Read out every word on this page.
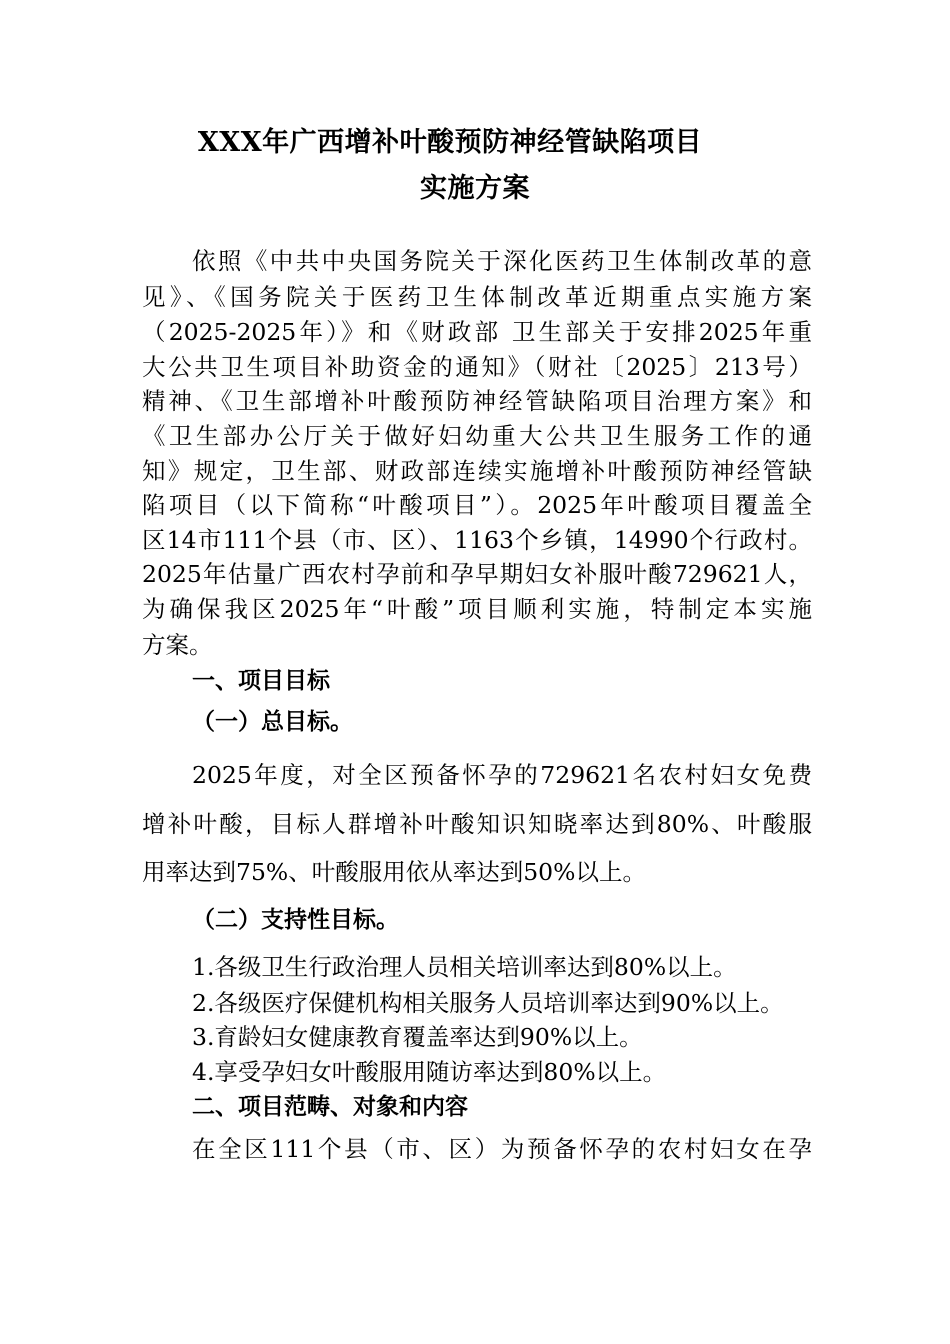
XXX年广西增补叶酸预防神经管缺陷项目
实施方案
依照《中共中央国务院关于深化医药卫生体制改革的意
见》、《国务院关于医药卫生体制改革近期重点实施方案
（2025-2025年）》和《财政部 卫生部关于安排2025年重
大公共卫生项目补助资金的通知》（财社〔2025〕213号）
精神、《卫生部增补叶酸预防神经管缺陷项目治理方案》和
《卫生部办公厅关于做好妇幼重大公共卫生服务工作的通
知》规定，卫生部、财政部连续实施增补叶酸预防神经管缺
陷项目（以下简称“叶酸项目”）。2025年叶酸项目覆盖全
区14市111个县（市、区）、1163个乡镇，14990个行政村。
2025年估量广西农村孕前和孕早期妇女补服叶酸729621人，
为确保我区2025年“叶酸”项目顺利实施，特制定本实施
方案。
一、项目目标
（一）总目标。
2025年度，对全区预备怀孕的729621名农村妇女免费
增补叶酸，目标人群增补叶酸知识知晓率达到80%、叶酸服
用率达到75%、叶酸服用依从率达到50%以上。
（二）支持性目标。
1.各级卫生行政治理人员相关培训率达到80%以上。
2.各级医疗保健机构相关服务人员培训率达到90%以上。
3.育龄妇女健康教育覆盖率达到90%以上。
4.享受孕妇女叶酸服用随访率达到80%以上。
二、项目范畴、对象和内容
在全区111个县（市、区）为预备怀孕的农村妇女在孕
